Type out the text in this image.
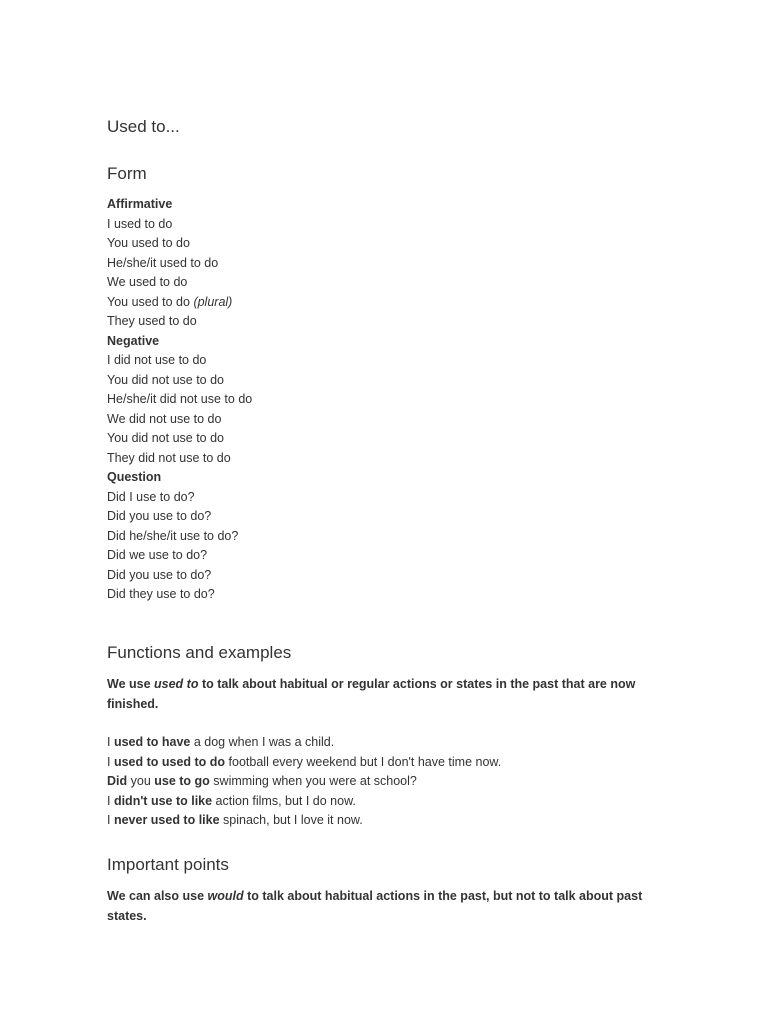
Used to...
Form
Affirmative
I used to do
You used to do
He/she/it used to do
We used to do
You used to do (plural)
They used to do
Negative
I did not use to do
You did not use to do
He/she/it did not use to do
We did not use to do
You did not use to do
They did not use to do
Question
Did I use to do?
Did you use to do?
Did he/she/it use to do?
Did we use to do?
Did you use to do?
Did they use to do?
Functions and examples
We use used to to talk about habitual or regular actions or states in the past that are now finished.
I used to have a dog when I was a child.
I used to used to do football every weekend but I don't have time now.
Did you use to go swimming when you were at school?
I didn't use to like action films, but I do now.
I never used to like spinach, but I love it now.
Important points
We can also use would to talk about habitual actions in the past, but not to talk about past states.
